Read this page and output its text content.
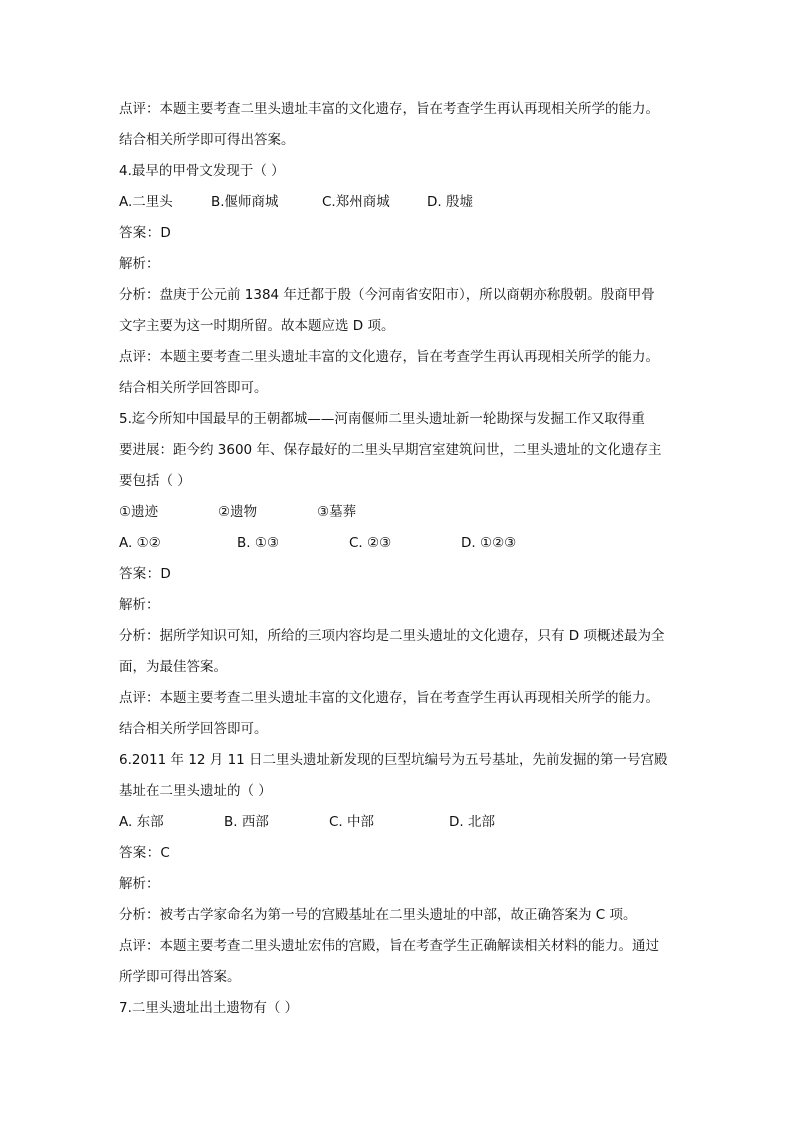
点评：本题主要考查二里头遗址丰富的文化遗存，旨在考查学生再认再现相关所学的能力。
结合相关所学即可得出答案。
4.最早的甲骨文发现于（ ）
A.二里头	B.偃师商城	C.郑州商城	D. 殷墟
答案：D
解析：
分析：盘庚于公元前 1384 年迁都于殷（今河南省安阳市），所以商朝亦称殷朝。殷商甲骨
文字主要为这一时期所留。故本题应选 D 项。
点评：本题主要考查二里头遗址丰富的文化遗存，旨在考查学生再认再现相关所学的能力。
结合相关所学回答即可。
5.迄今所知中国最早的王朝都城——河南偃师二里头遗址新一轮勘探与发掘工作又取得重
要进展：距今约 3600 年、保存最好的二里头早期宫室建筑问世，二里头遗址的文化遗存主
要包括（ ）
①遗迹	②遗物	③墓葬
A. ①②	B. ①③	C. ②③	D. ①②③
答案：D
解析：
分析：据所学知识可知，所给的三项内容均是二里头遗址的文化遗存，只有 D 项概述最为全
面，为最佳答案。
点评：本题主要考查二里头遗址丰富的文化遗存，旨在考查学生再认再现相关所学的能力。
结合相关所学回答即可。
6.2011 年 12 月 11 日二里头遗址新发现的巨型坑编号为五号基址，先前发掘的第一号宫殿
基址在二里头遗址的（ ）
A. 东部	B. 西部	C. 中部	D. 北部
答案：C
解析：
分析：被考古学家命名为第一号的宫殿基址在二里头遗址的中部，故正确答案为 C 项。
点评：本题主要考查二里头遗址宏伟的宫殿，旨在考查学生正确解读相关材料的能力。通过
所学即可得出答案。
7.二里头遗址出土遗物有（ ）
